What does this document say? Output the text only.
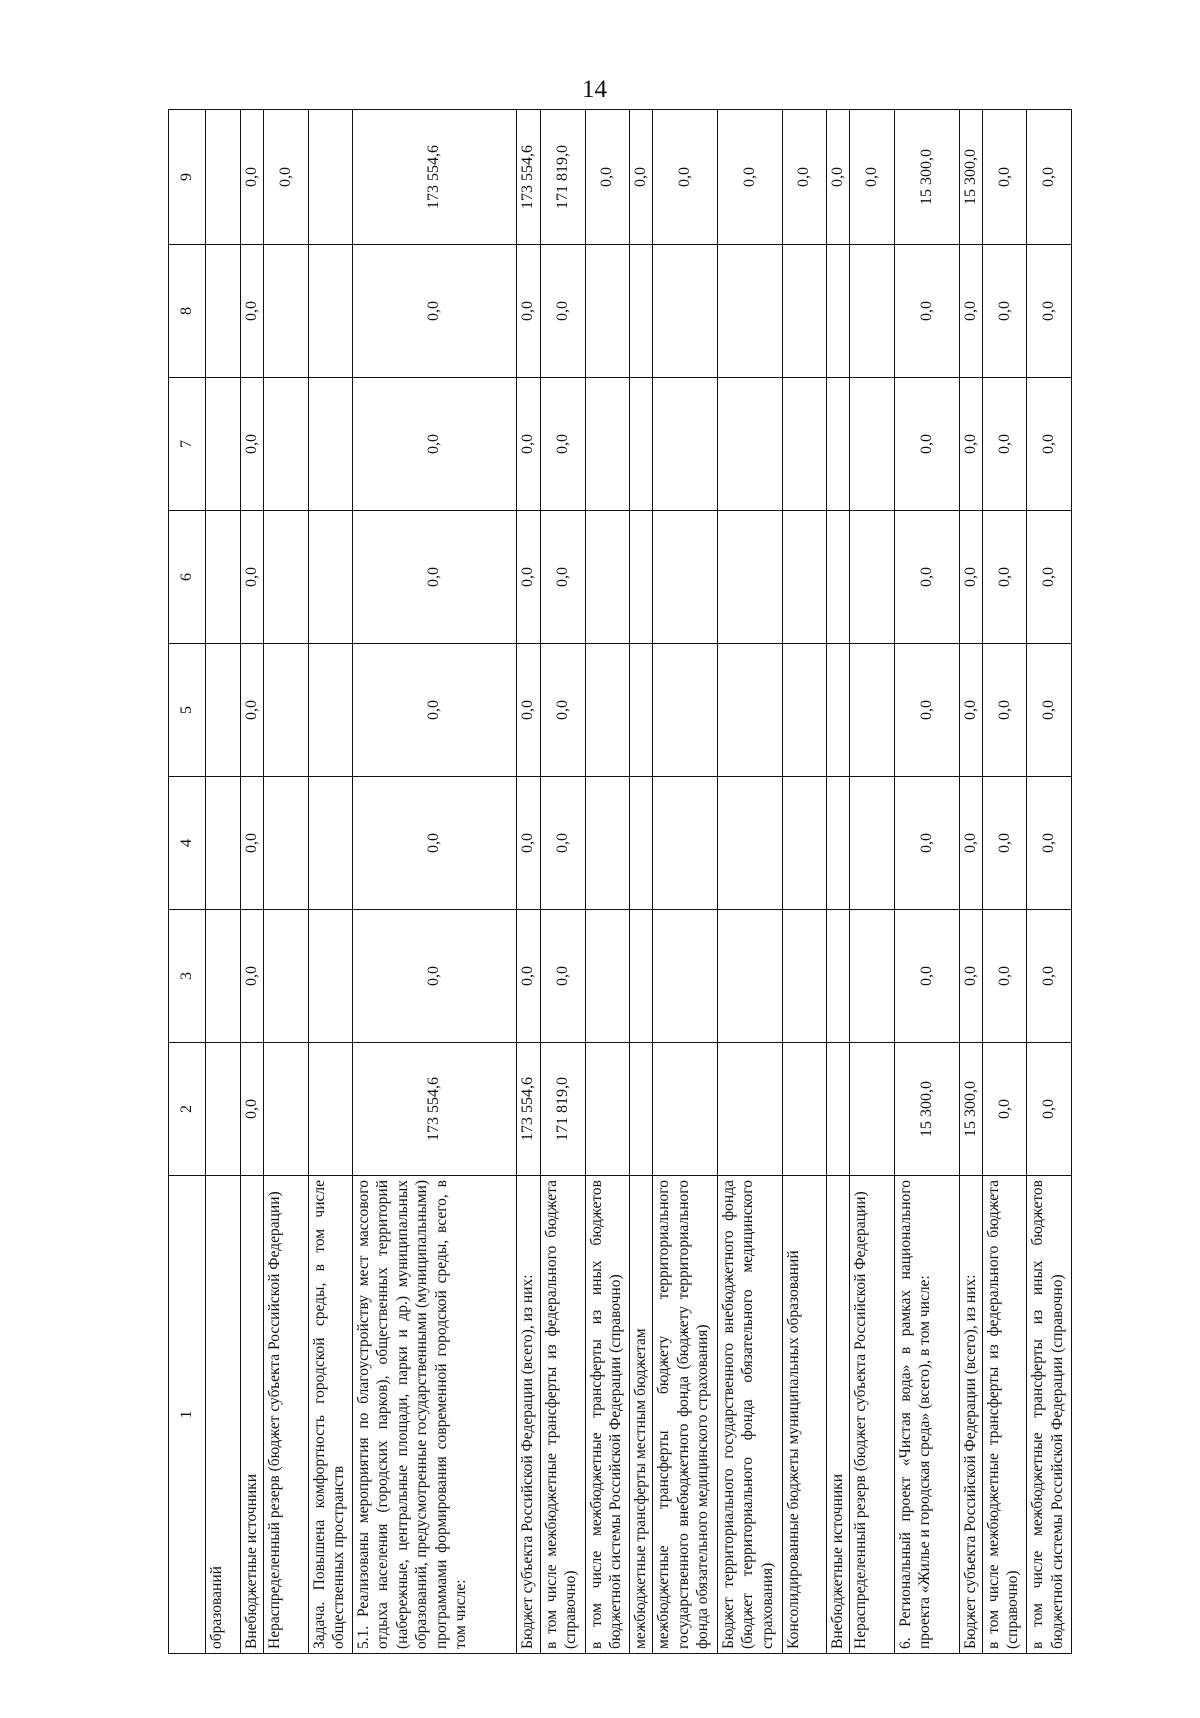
14
1	2	3	4	5	6	7	8	9
образований								
Внебюджетные источники	0,0	0,0	0,0	0,0	0,0	0,0	0,0	0,0
Нераспределенный резерв (бюджет субъекта Российской Федерации)								0,0
Задача. Повышена комфортность городской среды, в том числе общественных пространств								
5.1. Реализованы мероприятия по благоустройству мест массового отдыха населения (городских парков), общественных территорий (набережные, центральные площади, парки и др.) муниципальных образований, предусмотренные государственными (муниципальными) программами формирования современной городской среды, всего, в том числе:	173 554,6	0,0	0,0	0,0	0,0	0,0	0,0	173 554,6
Бюджет субъекта Российской Федерации (всего), из них:	173 554,6	0,0	0,0	0,0	0,0	0,0	0,0	173 554,6
в том числе межбюджетные трансферты из федерального бюджета (справочно)	171 819,0	0,0	0,0	0,0	0,0	0,0	0,0	171 819,0
в том числе межбюджетные трансферты из иных бюджетов бюджетной системы Российской Федерации (справочно)								0,0
межбюджетные трансферты местным бюджетам								0,0
межбюджетные трансферты бюджету территориального государственного внебюджетного фонда (бюджету территориального фонда обязательного медицинского страхования)								0,0
Бюджет территориального государственного внебюджетного фонда (бюджет территориального фонда обязательного медицинского страхования)								0,0
Консолидированные бюджеты муниципальных образований								0,0
Внебюджетные источники								0,0
Нераспределенный резерв (бюджет субъекта Российской Федерации)								0,0
6. Региональный проект «Чистая вода» в рамках национального проекта «Жилье и городская среда» (всего), в том числе:	15 300,0	0,0	0,0	0,0	0,0	0,0	0,0	15 300,0
Бюджет субъекта Российской Федерации (всего), из них:	15 300,0	0,0	0,0	0,0	0,0	0,0	0,0	15 300,0
в том числе межбюджетные трансферты из федерального бюджета (справочно)	0,0	0,0	0,0	0,0	0,0	0,0	0,0	0,0
в том числе межбюджетные трансферты из иных бюджетов бюджетной системы Российской Федерации (справочно)	0,0	0,0	0,0	0,0	0,0	0,0	0,0	0,0
